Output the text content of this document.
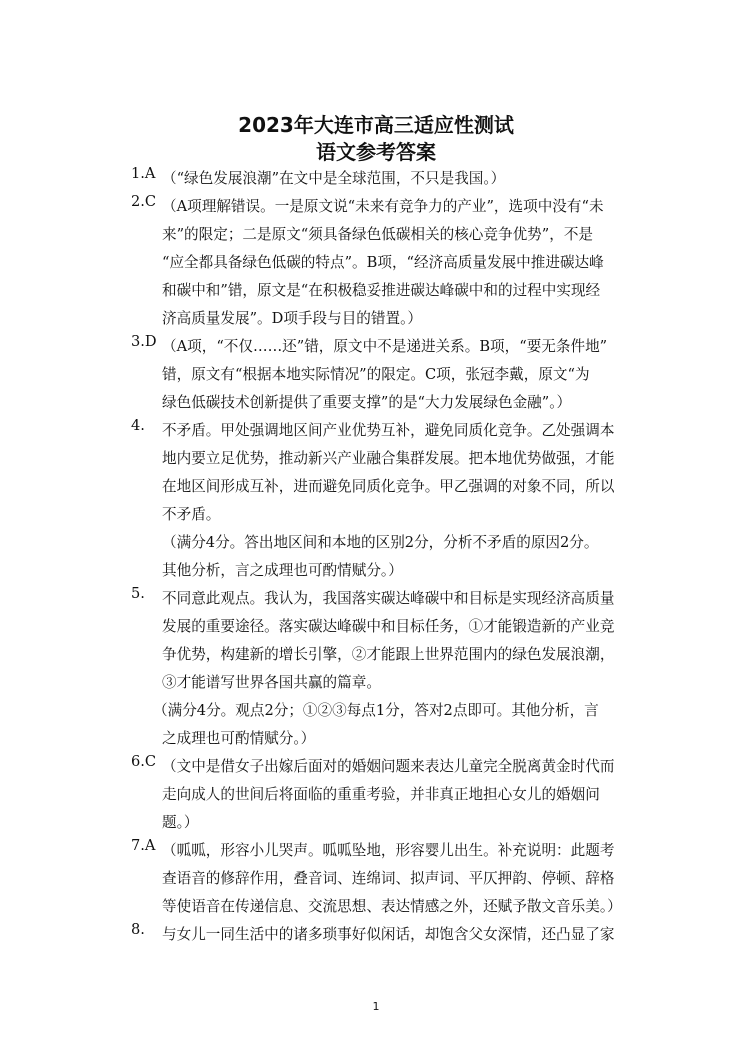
2023年大连市高三适应性测试
语文参考答案
1.A （“绿色发展浪潮”在文中是全球范围，不只是我国。）
2.C （A项理解错误。一是原文说“未来有竞争力的产业”，选项中没有“未
来”的限定；二是原文“须具备绿色低碳相关的核心竞争优势”，不是
“应全都具备绿色低碳的特点”。B项，“经济高质量发展中推进碳达峰
和碳中和”错，原文是“在积极稳妥推进碳达峰碳中和的过程中实现经
济高质量发展”。D项手段与目的错置。）
3.D （A项，“不仅……还”错，原文中不是递进关系。B项，“要无条件地”
错，原文有“根据本地实际情况”的限定。C项，张冠李戴，原文“为
绿色低碳技术创新提供了重要支撑”的是“大力发展绿色金融”。）
4.	不矛盾。甲处强调地区间产业优势互补，避免同质化竞争。乙处强调本
地内要立足优势，推动新兴产业融合集群发展。把本地优势做强，才能
在地区间形成互补，进而避免同质化竞争。甲乙强调的对象不同，所以
不矛盾。
（满分4分。答出地区间和本地的区别2分，分析不矛盾的原因2分。
其他分析，言之成理也可酌情赋分。）
5.	不同意此观点。我认为，我国落实碳达峰碳中和目标是实现经济高质量
发展的重要途径。落实碳达峰碳中和目标任务，①才能锻造新的产业竞
争优势，构建新的增长引擎，②才能跟上世界范围内的绿色发展浪潮，
③才能谱写世界各国共赢的篇章。
（满分4分。观点2分；①②③每点1分，答对2点即可。其他分析，言
之成理也可酌情赋分。）
6.C （文中是借女子出嫁后面对的婚姻问题来表达儿童完全脱离黄金时代而
走向成人的世间后将面临的重重考验，并非真正地担心女儿的婚姻问
题。）
7.A （呱呱，形容小儿哭声。呱呱坠地，形容婴儿出生。补充说明：此题考
查语音的修辞作用，叠音词、连绵词、拟声词、平仄押韵、停顿、辞格
等使语音在传递信息、交流思想、表达情感之外，还赋予散文音乐美。）
8.	与女儿一同生活中的诸多琐事好似闲话，却饱含父女深情，还凸显了家
1
